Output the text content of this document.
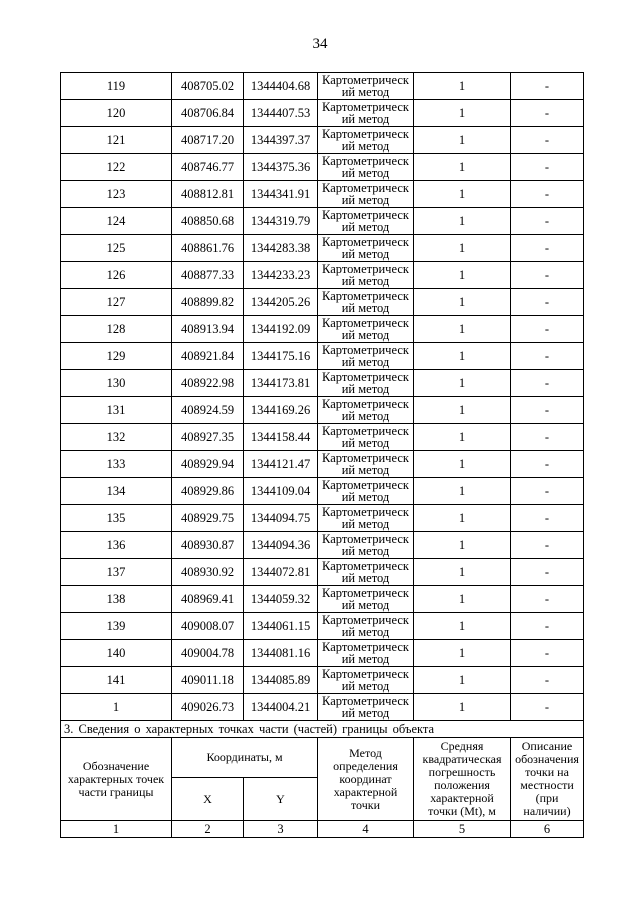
34
119	408705.02	1344404.68	Картометрический метод	1	-
120	408706.84	1344407.53	Картометрический метод	1	-
121	408717.20	1344397.37	Картометрический метод	1	-
122	408746.77	1344375.36	Картометрический метод	1	-
123	408812.81	1344341.91	Картометрический метод	1	-
124	408850.68	1344319.79	Картометрический метод	1	-
125	408861.76	1344283.38	Картометрический метод	1	-
126	408877.33	1344233.23	Картометрический метод	1	-
127	408899.82	1344205.26	Картометрический метод	1	-
128	408913.94	1344192.09	Картометрический метод	1	-
129	408921.84	1344175.16	Картометрический метод	1	-
130	408922.98	1344173.81	Картометрический метод	1	-
131	408924.59	1344169.26	Картометрический метод	1	-
132	408927.35	1344158.44	Картометрический метод	1	-
133	408929.94	1344121.47	Картометрический метод	1	-
134	408929.86	1344109.04	Картометрический метод	1	-
135	408929.75	1344094.75	Картометрический метод	1	-
136	408930.87	1344094.36	Картометрический метод	1	-
137	408930.92	1344072.81	Картометрический метод	1	-
138	408969.41	1344059.32	Картометрический метод	1	-
139	409008.07	1344061.15	Картометрический метод	1	-
140	409004.78	1344081.16	Картометрический метод	1	-
141	409011.18	1344085.89	Картометрический метод	1	-
1	409026.73	1344004.21	Картометрический метод	1	-
3. Сведения о характерных точках части (частей) границы объекта					
Обозначение характерных точек части границы	Координаты, м		Метод определения координат характерной точки	Средняя квадратическая погрешность положения характерной точки (Mt), м	Описание обозначения точки на местности (при наличии)
	X	Y			
1	2	3	4	5	6
